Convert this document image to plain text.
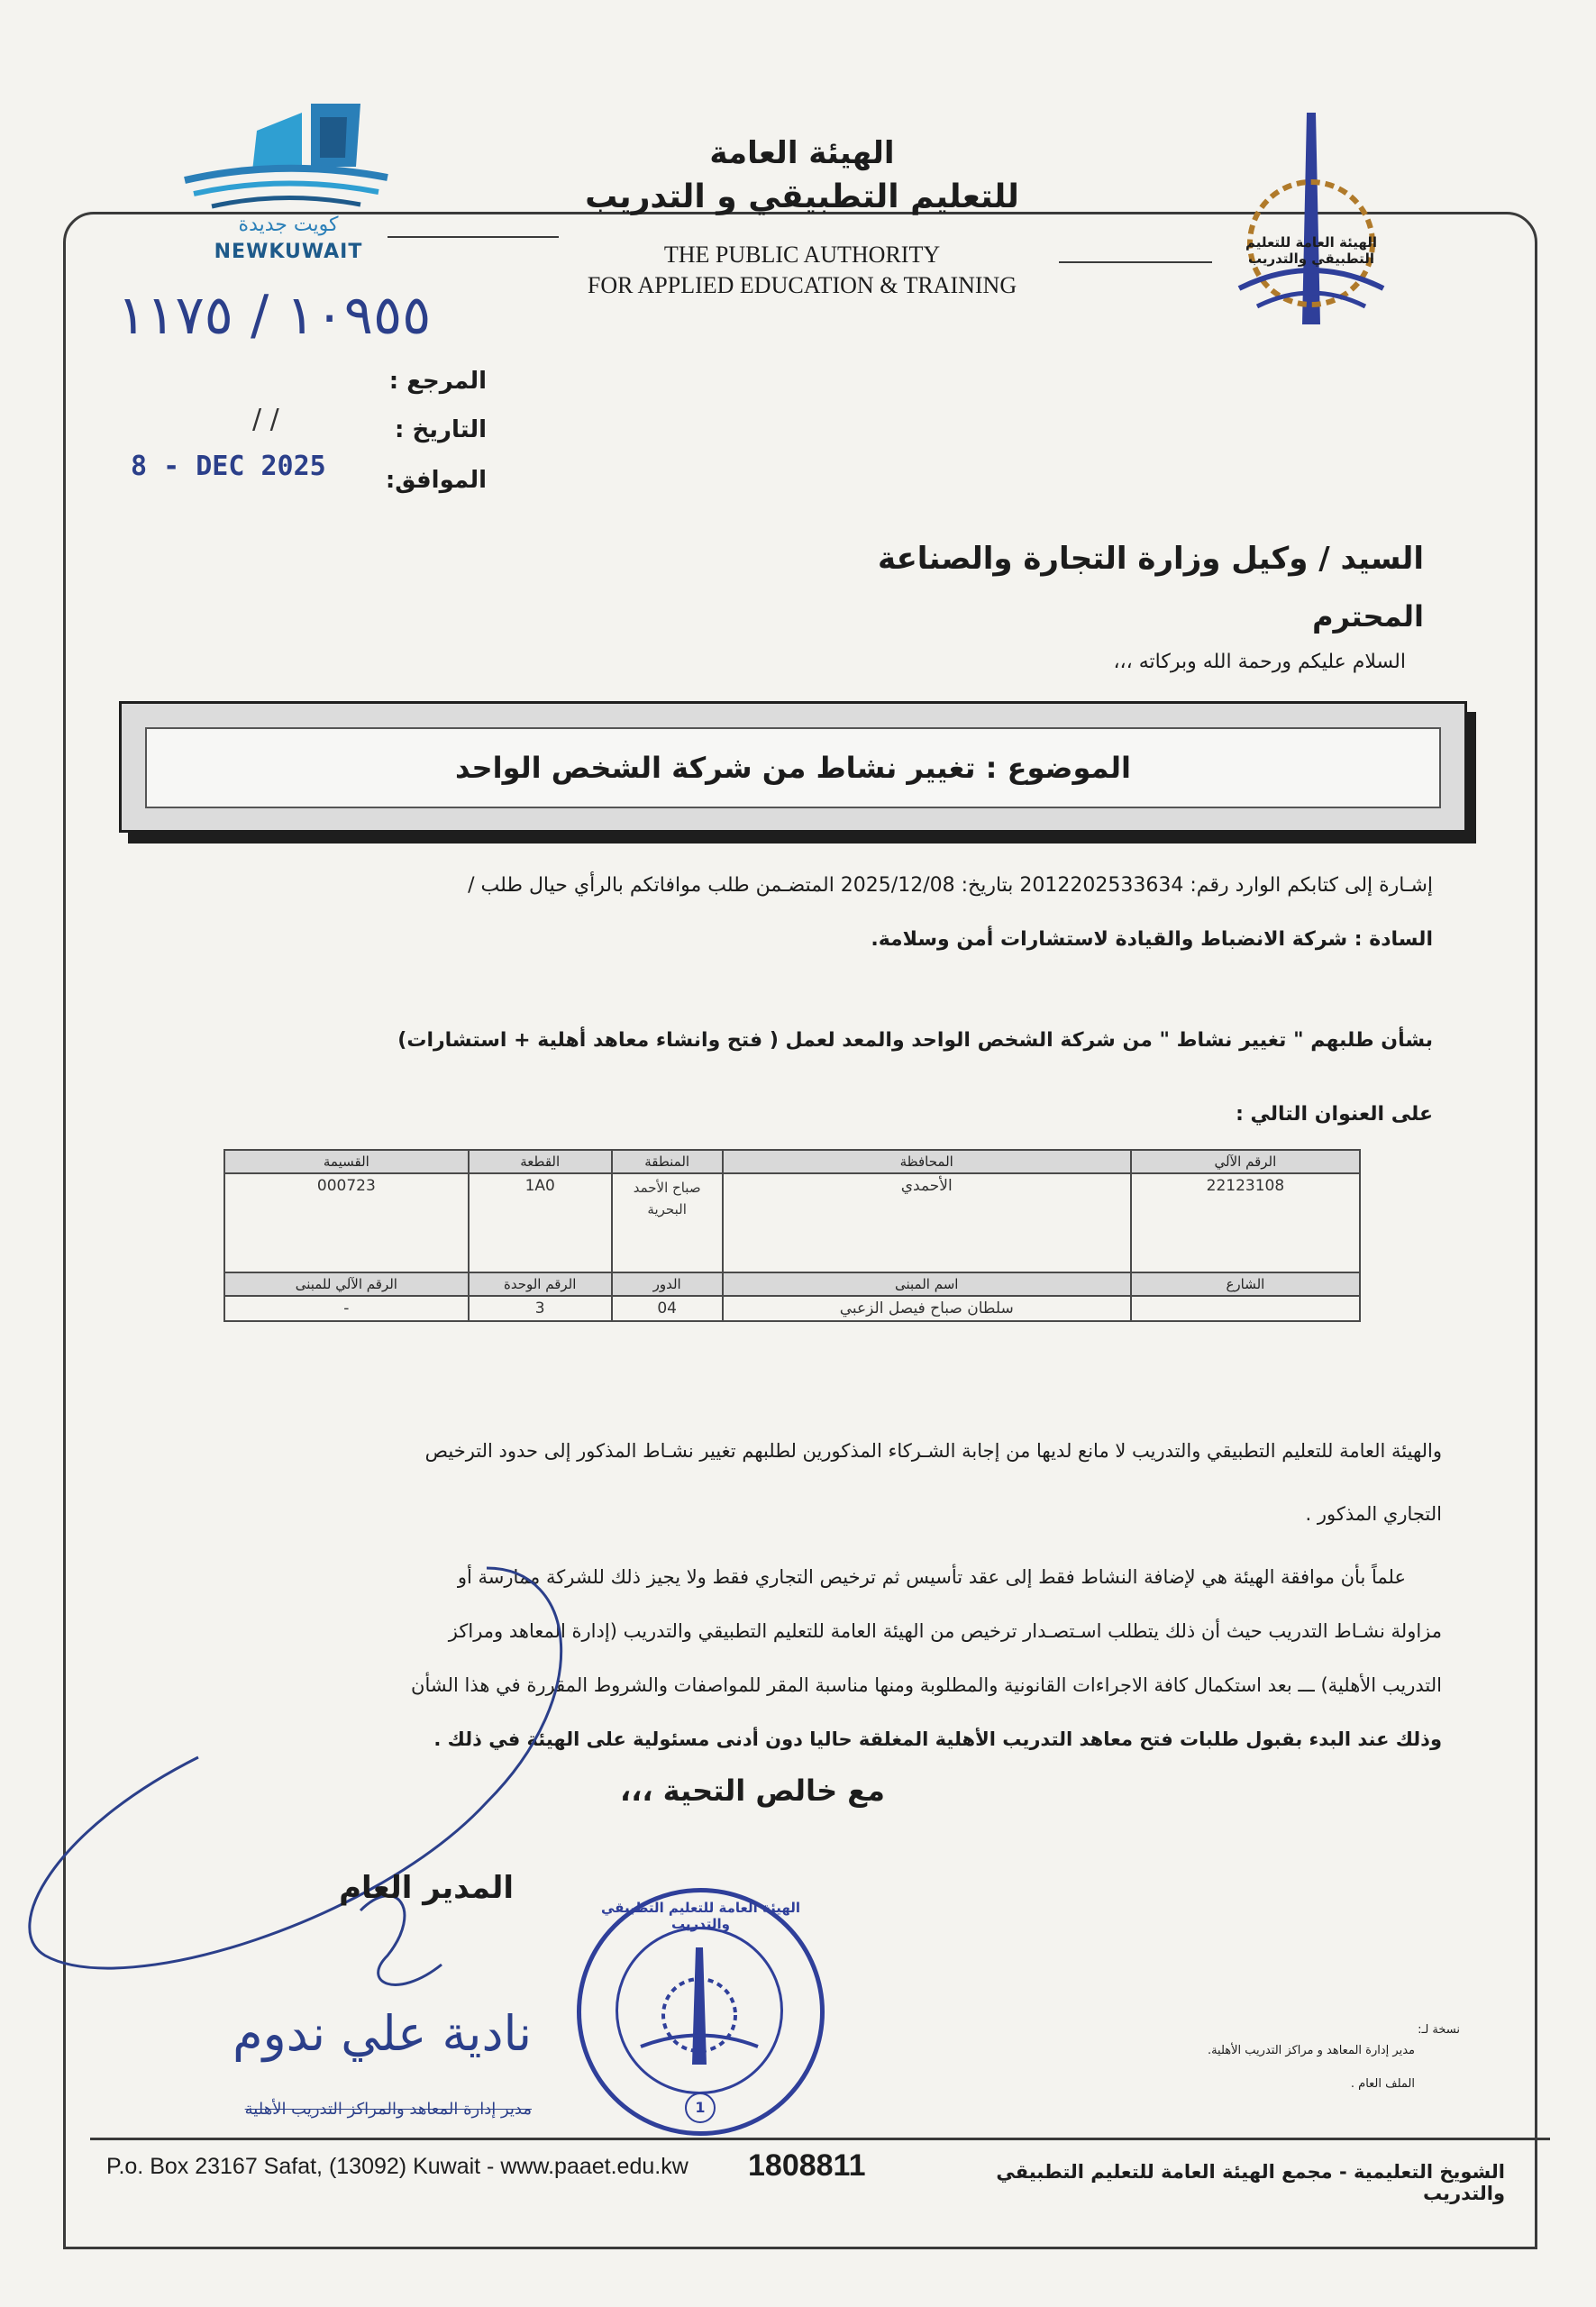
كويت جديدة
NEWKUWAIT
الهيئة العامة
للتعليم التطبيقي و التدريب
THE PUBLIC AUTHORITY
FOR APPLIED EDUCATION & TRAINING
الهيئة العامة للتعليم التطبيقي والتدريب
١٠٩٥٥ / ١١٧٥
المرجع :
/ /	التاريخ :
8 - DEC 2025	الموافق:
السيد / وكيل وزارة التجارة والصناعة
المحترم
السلام عليكم ورحمة الله وبركاته ،،،
الموضوع : تغيير نشاط من شركة الشخص الواحد
إشـارة إلى كتابكم الوارد رقم: 2012202533634 بتاريخ: 2025/12/08 المتضـمن طلب موافاتكم بالرأي حيال طلب /
السادة : شركة الانضباط والقيادة لاستشارات أمن وسلامة.
بشأن طلبهم " تغيير نشاط " من شركة الشخص الواحد والمعد لعمل ( فتح وانشاء معاهد أهلية + استشارات)
على العنوان التالي :
الرقم الآلي	المحافظة	المنطقة	القطعة	القسيمة
22123108	الأحمدي	صباح الأحمد البحرية	1A0	000723
الشارع	اسم المبنى	الدور	الرقم الوحدة	الرقم الآلي للمبنى
	سلطان صباح فيصل الزعبي	04	3	-
والهيئة العامة للتعليم التطبيقي والتدريب لا مانع لديها من إجابة الشـركاء المذكورين لطلبهم تغيير نشـاط المذكور إلى حدود الترخيص
التجاري المذكور .
علماً بأن موافقة الهيئة هي لإضافة النشاط فقط إلى عقد تأسيس ثم ترخيص التجاري فقط ولا يجيز ذلك للشركة ممارسة أو
مزاولة نشـاط التدريب حيث أن ذلك يتطلب اسـتصـدار ترخيص من الهيئة العامة للتعليم التطبيقي والتدريب (إدارة المعاهد ومراكز
التدريب الأهلية) ـــ بعد استكمال كافة الاجراءات القانونية والمطلوبة ومنها مناسبة المقر للمواصفات والشروط المقررة في هذا الشأن
وذلك عند البدء بقبول طلبات فتح معاهد التدريب الأهلية المغلقة حاليا دون أدنى مسئولية على الهيئة في ذلك .
مع خالص التحية ،،،
المدير العام
نادية علي ندوم
مدير إدارة المعاهد والمراكز التدريب الأهلية
الهيئة العامة للتعليم التطبيقي والتدريب
1
نسخة لـ:
مدير إدارة المعاهد و مراكز التدريب الأهلية.
الملف العام .
P.o. Box 23167 Safat, (13092) Kuwait - www.paaet.edu.kw	1808811	الشويخ التعليمية - مجمع الهيئة العامة للتعليم التطبيقي والتدريب
